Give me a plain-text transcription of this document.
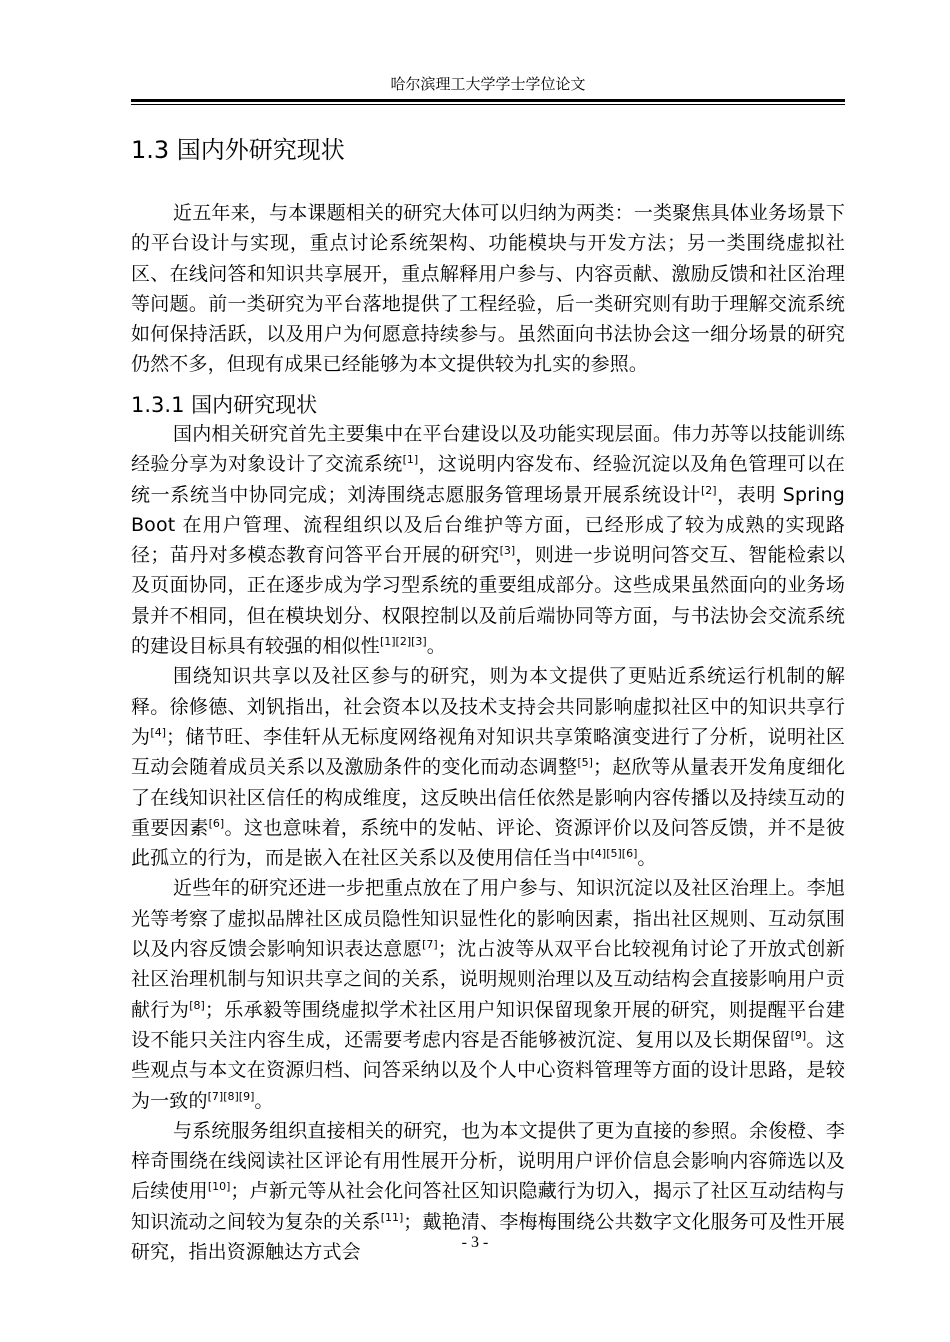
哈尔滨理工大学学士学位论文
1.3 国内外研究现状

近五年来，与本课题相关的研究大体可以归纳为两类：一类聚焦具体业务场景下的平台设计与实现，重点讨论系统架构、功能模块与开发方法；另一类围绕虚拟社区、在线问答和知识共享展开，重点解释用户参与、内容贡献、激励反馈和社区治理等问题。前一类研究为平台落地提供了工程经验，后一类研究则有助于理解交流系统如何保持活跃，以及用户为何愿意持续参与。虽然面向书法协会这一细分场景的研究仍然不多，但现有成果已经能够为本文提供较为扎实的参照。

1.3.1 国内研究现状

国内相关研究首先主要集中在平台建设以及功能实现层面。伟力苏等以技能训练经验分享为对象设计了交流系统[1]，这说明内容发布、经验沉淀以及角色管理可以在统一系统当中协同完成；刘涛围绕志愿服务管理场景开展系统设计[2]，表明 Spring Boot 在用户管理、流程组织以及后台维护等方面，已经形成了较为成熟的实现路径；苗丹对多模态教育问答平台开展的研究[3]，则进一步说明问答交互、智能检索以及页面协同，正在逐步成为学习型系统的重要组成部分。这些成果虽然面向的业务场景并不相同，但在模块划分、权限控制以及前后端协同等方面，与书法协会交流系统的建设目标具有较强的相似性[1][2][3]。

围绕知识共享以及社区参与的研究，则为本文提供了更贴近系统运行机制的解释。徐修德、刘钒指出，社会资本以及技术支持会共同影响虚拟社区中的知识共享行为[4]；储节旺、李佳轩从无标度网络视角对知识共享策略演变进行了分析，说明社区互动会随着成员关系以及激励条件的变化而动态调整[5]；赵欣等从量表开发角度细化了在线知识社区信任的构成维度，这反映出信任依然是影响内容传播以及持续互动的重要因素[6]。这也意味着，系统中的发帖、评论、资源评价以及问答反馈，并不是彼此孤立的行为，而是嵌入在社区关系以及使用信任当中[4][5][6]。

近些年的研究还进一步把重点放在了用户参与、知识沉淀以及社区治理上。李旭光等考察了虚拟品牌社区成员隐性知识显性化的影响因素，指出社区规则、互动氛围以及内容反馈会影响知识表达意愿[7]；沈占波等从双平台比较视角讨论了开放式创新社区治理机制与知识共享之间的关系，说明规则治理以及互动结构会直接影响用户贡献行为[8]；乐承毅等围绕虚拟学术社区用户知识保留现象开展的研究，则提醒平台建设不能只关注内容生成，还需要考虑内容是否能够被沉淀、复用以及长期保留[9]。这些观点与本文在资源归档、问答采纳以及个人中心资料管理等方面的设计思路，是较为一致的[7][8][9]。

与系统服务组织直接相关的研究，也为本文提供了更为直接的参照。余俊橙、李梓奇围绕在线阅读社区评论有用性展开分析，说明用户评价信息会影响内容筛选以及后续使用[10]；卢新元等从社会化问答社区知识隐藏行为切入，揭示了社区互动结构与知识流动之间较为复杂的关系[11]；戴艳清、李梅梅围绕公共数字文化服务可及性开展研究，指出资源触达方式会	- 3 -
